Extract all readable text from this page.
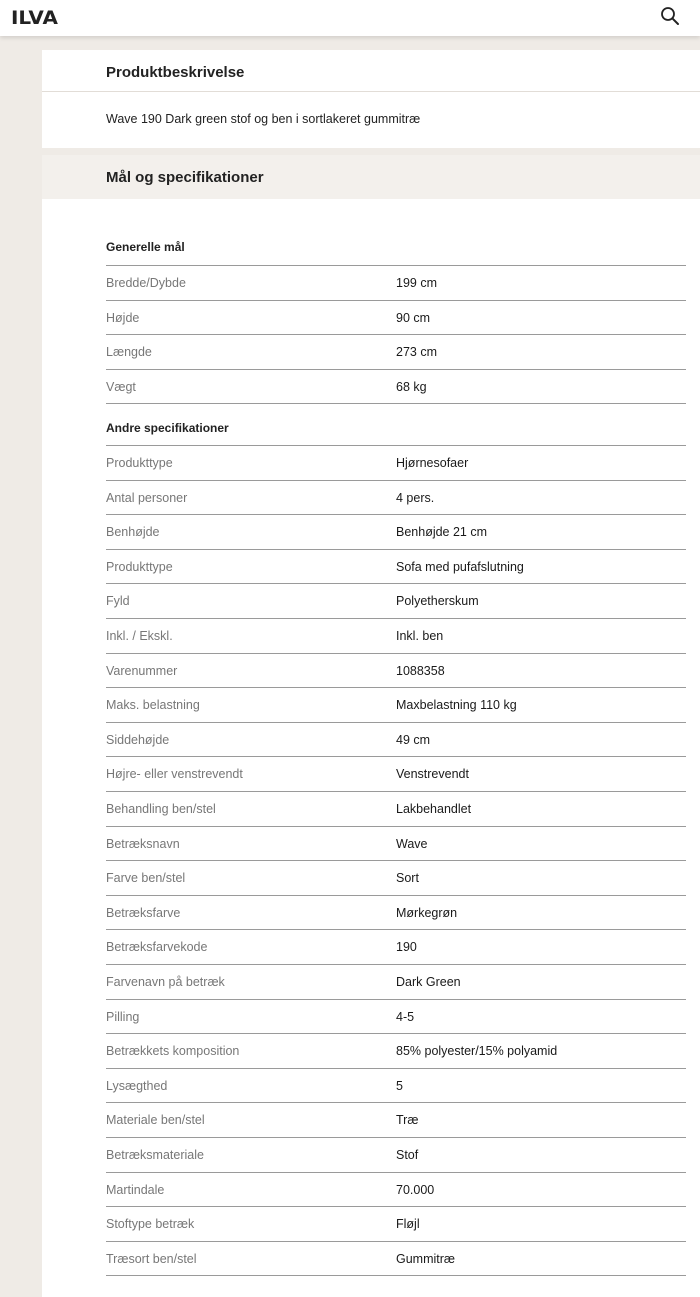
ILVA
Produktbeskrivelse
Wave 190 Dark green stof og ben i sortlakeret gummitræ
Mål og specifikationer
Generelle mål
Bredde/Dybde	199 cm
Højde	90 cm
Længde	273 cm
Vægt	68 kg
Andre specifikationer
Produkttype	Hjørnesofaer
Antal personer	4 pers.
Benhøjde	Benhøjde 21 cm
Produkttype	Sofa med pufafslutning
Fyld	Polyetherskum
Inkl. / Ekskl.	Inkl. ben
Varenummer	1088358
Maks. belastning	Maxbelastning 110 kg
Siddehøjde	49 cm
Højre- eller venstrevendt	Venstrevendt
Behandling ben/stel	Lakbehandlet
Betræksnavn	Wave
Farve ben/stel	Sort
Betræksfarve	Mørkegrøn
Betræksfarvekode	190
Farvenavn på betræk	Dark Green
Pilling	4-5
Betrækkets komposition	85% polyester/15% polyamid
Lysægthed	5
Materiale ben/stel	Træ
Betræksmateriale	Stof
Martindale	70.000
Stoftype betræk	Fløjl
Træsort ben/stel	Gummitræ
